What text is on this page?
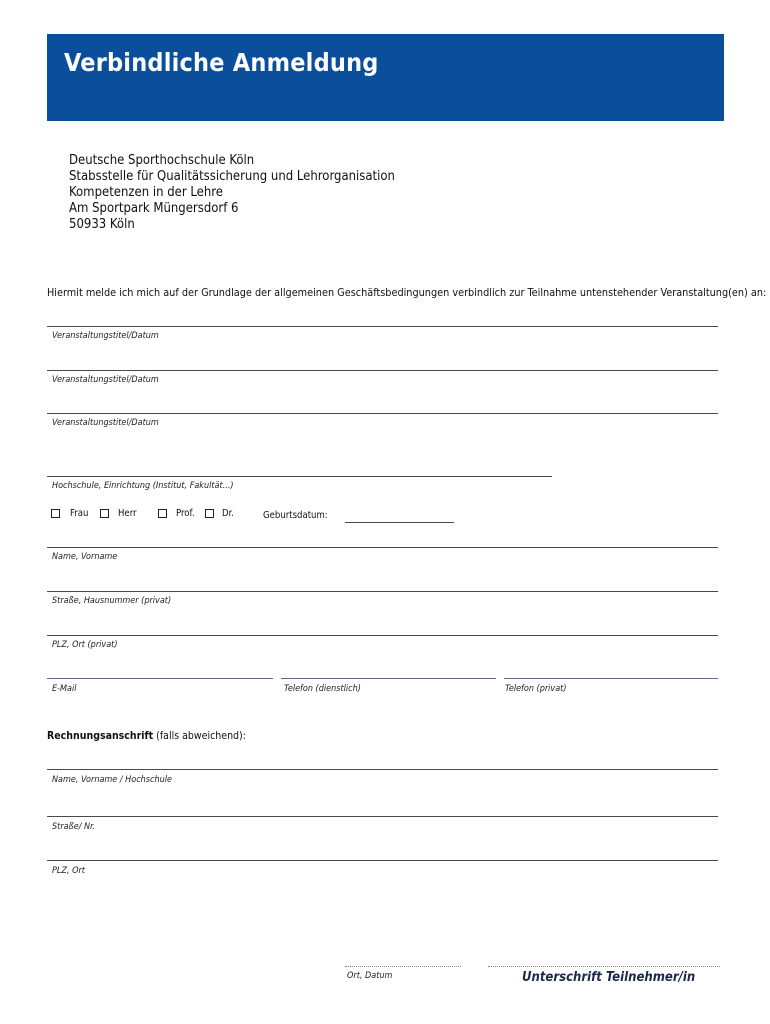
Verbindliche Anmeldung
Deutsche Sporthochschule Köln
Stabsstelle für Qualitätssicherung und Lehrorganisation
Kompetenzen in der Lehre
Am Sportpark Müngersdorf 6
50933 Köln
Hiermit melde ich mich auf der Grundlage der allgemeinen Geschäftsbedingungen verbindlich zur Teilnahme untenstehender Veranstaltung(en) an:
Veranstaltungstitel/Datum
Veranstaltungstitel/Datum
Veranstaltungstitel/Datum
Hochschule, Einrichtung (Institut, Fakultät...)
Frau	Herr	Prof.	Dr.	Geburtsdatum:
Name, Vorname
Straße, Hausnummer (privat)
PLZ, Ort (privat)
E-Mail	Telefon (dienstlich)	Telefon (privat)
Rechnungsanschrift (falls abweichend):
Name, Vorname / Hochschule
Straße/ Nr.
PLZ, Ort
Ort, Datum	Unterschrift Teilnehmer/in
